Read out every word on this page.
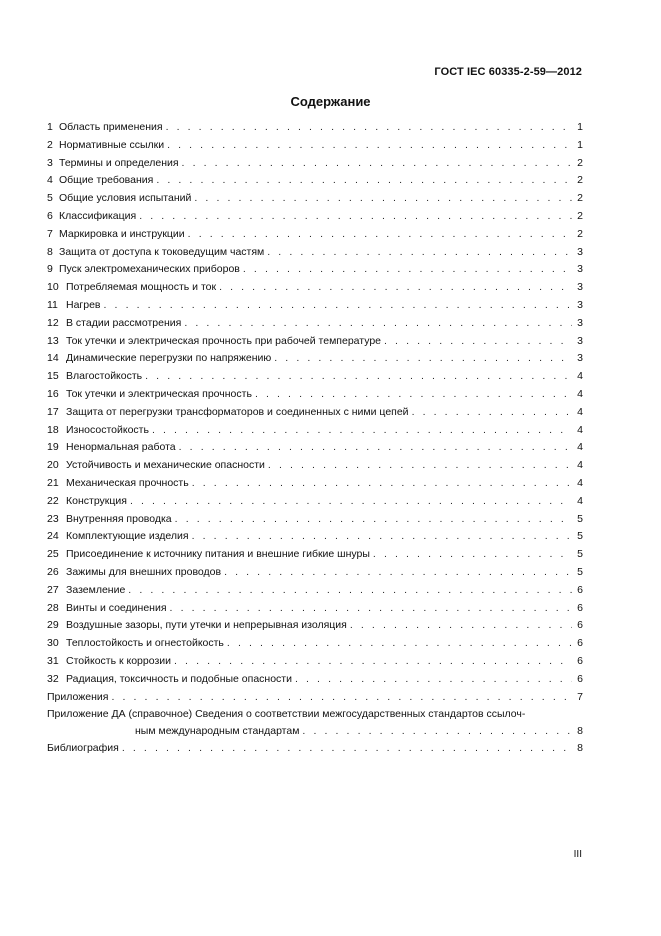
ГОСТ IEC 60335-2-59—2012
Содержание
1 Область применения . . .	1
2 Нормативные ссылки . . .	1
3 Термины и определения . . .	2
4 Общие требования . . .	2
5 Общие условия испытаний . . .	2
6 Классификация . . .	2
7 Маркировка и инструкции . . .	2
8 Защита от доступа к токоведущим частям . . .	3
9 Пуск электромеханических приборов . . .	3
10 Потребляемая мощность и ток . . .	3
11 Нагрев . . .	3
12 В стадии рассмотрения . . .	3
13 Ток утечки и электрическая прочность при рабочей температуре . . .	3
14 Динамические перегрузки по напряжению . . .	3
15 Влагостойкость . . .	4
16 Ток утечки и электрическая прочность . . .	4
17 Защита от перегрузки трансформаторов и соединенных с ними цепей . . .	4
18 Износостойкость . . .	4
19 Ненормальная работа . . .	4
20 Устойчивость и механические опасности . . .	4
21 Механическая прочность . . .	4
22 Конструкция . . .	4
23 Внутренняя проводка . . .	5
24 Комплектующие изделия . . .	5
25 Присоединение к источнику питания и внешние гибкие шнуры . . .	5
26 Зажимы для внешних проводов . . .	5
27 Заземление . . .	6
28 Винты и соединения . . .	6
29 Воздушные зазоры, пути утечки и непрерывная изоляция . . .	6
30 Теплостойкость и огнестойкость . . .	6
31 Стойкость к коррозии . . .	6
32 Радиация, токсичность и подобные опасности . . .	6
Приложения . . .	7
Приложение ДА (справочное) Сведения о соответствии межгосударственных стандартов ссылоч-
ным международным стандартам . . .	8
Библиография . . .	8
III
